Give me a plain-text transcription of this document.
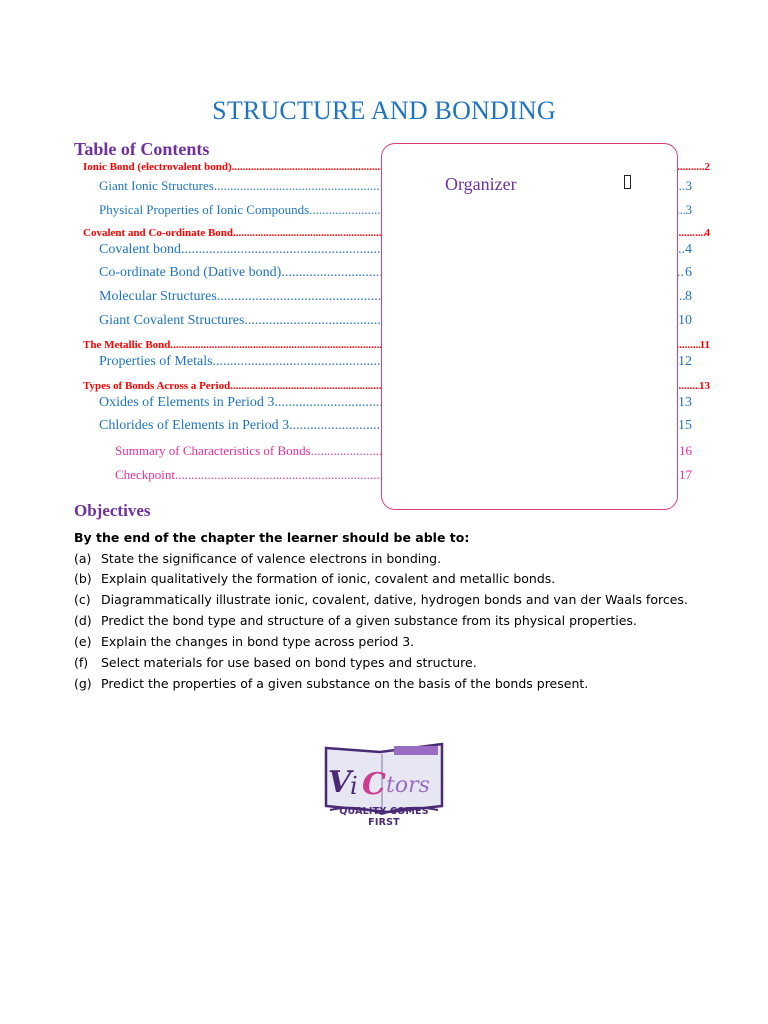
STRUCTURE AND BONDING
Table of Contents
Ionic Bond (electrovalent bond) .....	2
Giant Ionic Structures .....	3
Physical Properties of Ionic Compounds .....	3
Covalent and Co-ordinate Bond .....	4
Covalent bond .....	4
Co-ordinate Bond (Dative bond) .....	6
Molecular Structures .....	8
Giant Covalent Structures .....	10
The Metallic Bond .....	11
Properties of Metals .....	12
Types of Bonds Across a Period .....	13
Oxides of Elements in Period 3 .....	13
Chlorides of Elements in Period 3 .....	15
Summary of Characteristics of Bonds .....	16
Checkpoint .....	17
Organizer
Objectives
By the end of the chapter the learner should be able to:
(a) State the significance of valence electrons in bonding.
(b) Explain qualitatively the formation of ionic, covalent and metallic bonds.
(c) Diagrammatically illustrate ionic, covalent, dative, hydrogen bonds and van der Waals forces.
(d) Predict the bond type and structure of a given substance from its physical properties.
(e) Explain the changes in bond type across period 3.
(f) Select materials for use based on bond types and structure.
(g) Predict the properties of a given substance on the basis of the bonds present.
V
i C tors
QUALITY COMES FIRST
